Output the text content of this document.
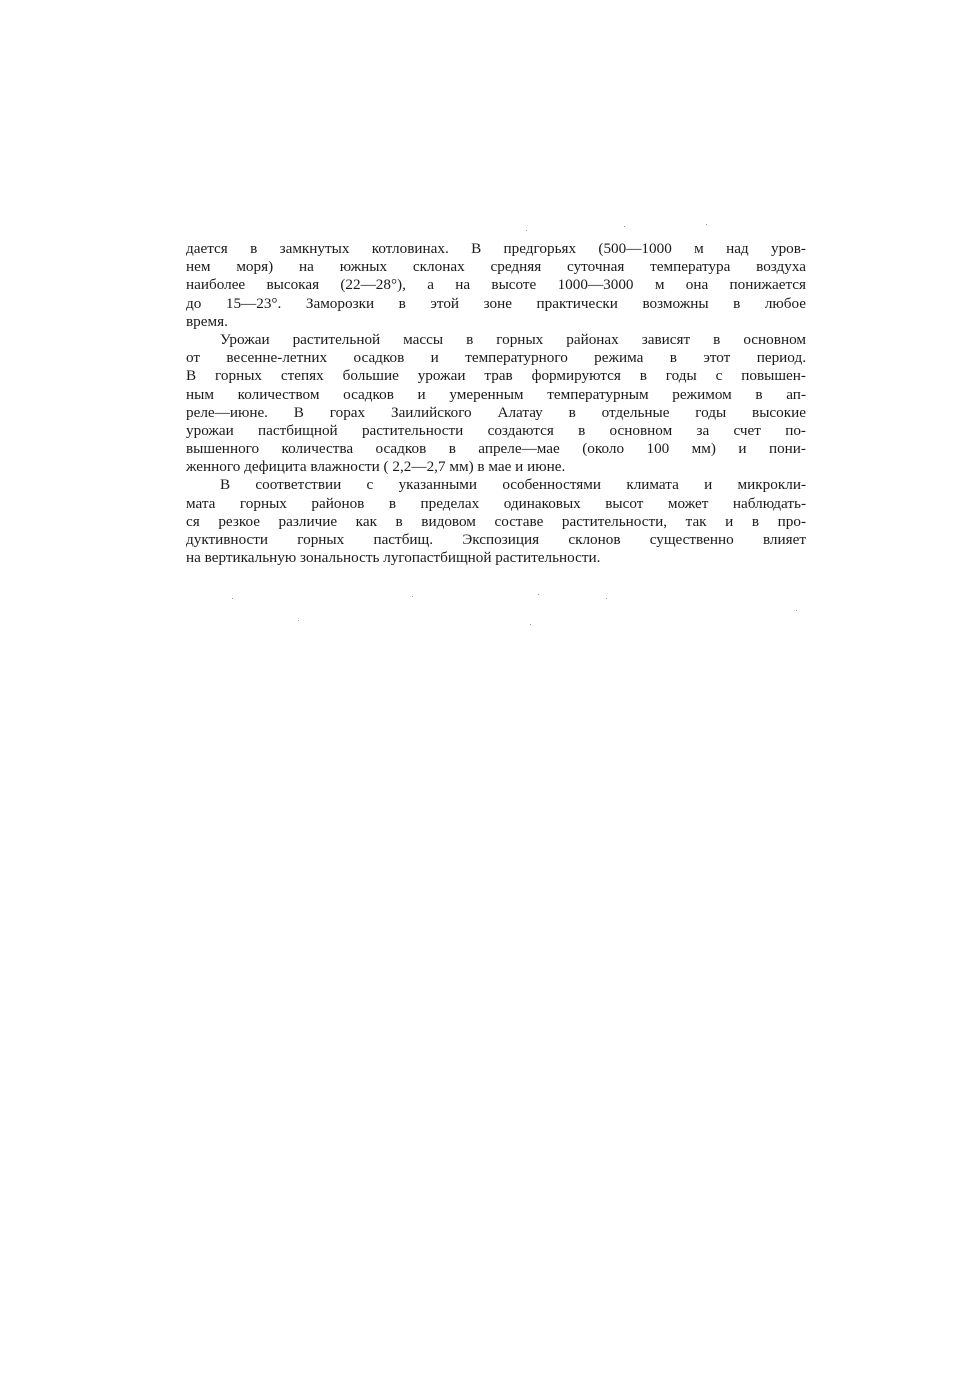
дается в замкнутых котловинах. В предгорьях (500—1000 м над уров-
нем моря) на южных склонах средняя суточная температура воздуха
наиболее высокая (22—28°), а на высоте 1000—3000 м она понижается
до 15—23°. Заморозки в этой зоне практически возможны в любое
время.
Урожаи растительной массы в горных районах зависят в основном
от весенне-летних осадков и температурного режима в этот период.
В горных степях большие урожаи трав формируются в годы с повышен-
ным количеством осадков и умеренным температурным режимом в ап-
реле—июне. В горах Заилийского Алатау в отдельные годы высокие
урожаи пастбищной растительности создаются в основном за счет по-
вышенного количества осадков в апреле—мае (около 100 мм) и пони-
женного дефицита влажности ( 2,2—2,7 мм) в мае и июне.
В соответствии с указанными особенностями климата и микрокли-
мата горных районов в пределах одинаковых высот может наблюдать-
ся резкое различие как в видовом составе растительности, так и в про-
дуктивности горных пастбищ. Экспозиция склонов существенно влияет
на вертикальную зональность лугопастбищной растительности.
